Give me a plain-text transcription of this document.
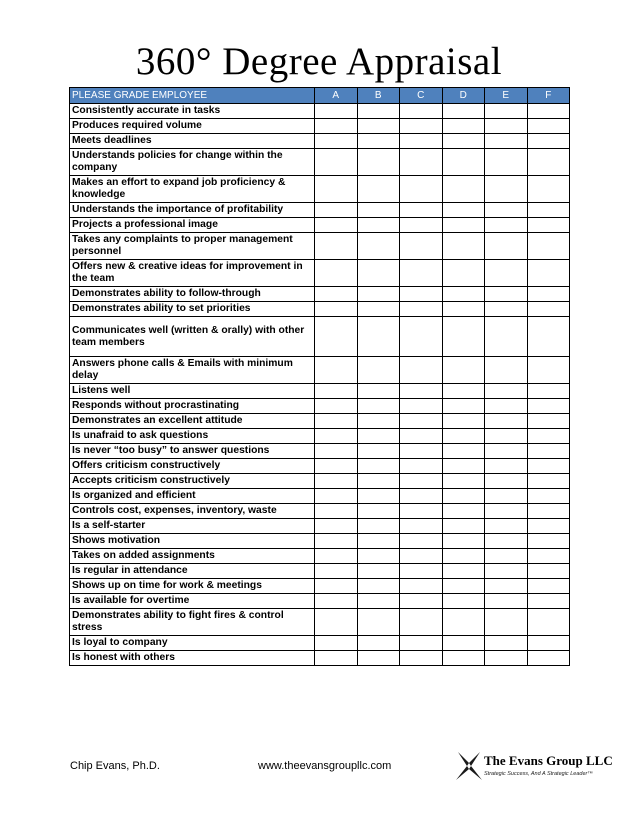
360° Degree Appraisal
PLEASE GRADE EMPLOYEE	A	B	C	D	E	F
Consistently accurate in tasks						
Produces required volume						
Meets deadlines						
Understands policies for change within the company						
Makes an effort to expand job proficiency & knowledge						
Understands the importance of profitability						
Projects a professional image						
Takes any complaints to proper management personnel						
Offers new & creative ideas for improvement in the team						
Demonstrates ability to follow-through						
Demonstrates ability to set priorities						
Communicates well (written & orally) with other team members						
Answers phone calls & Emails with minimum delay						
Listens well						
Responds without procrastinating						
Demonstrates an excellent attitude						
Is unafraid to ask questions						
Is never “too busy” to answer questions						
Offers criticism constructively						
Accepts criticism constructively						
Is organized and efficient						
Controls cost, expenses, inventory, waste						
Is a self-starter						
Shows motivation						
Takes on added assignments						
Is regular in attendance						
Shows up on time for work & meetings						
Is available for overtime						
Demonstrates ability to fight fires & control stress						
Is loyal to company						
Is honest with others						
Chip Evans, Ph.D.	www.theevansgroupllc.com	The Evans Group LLC
Strategic Success, And A Strategic Leader™
